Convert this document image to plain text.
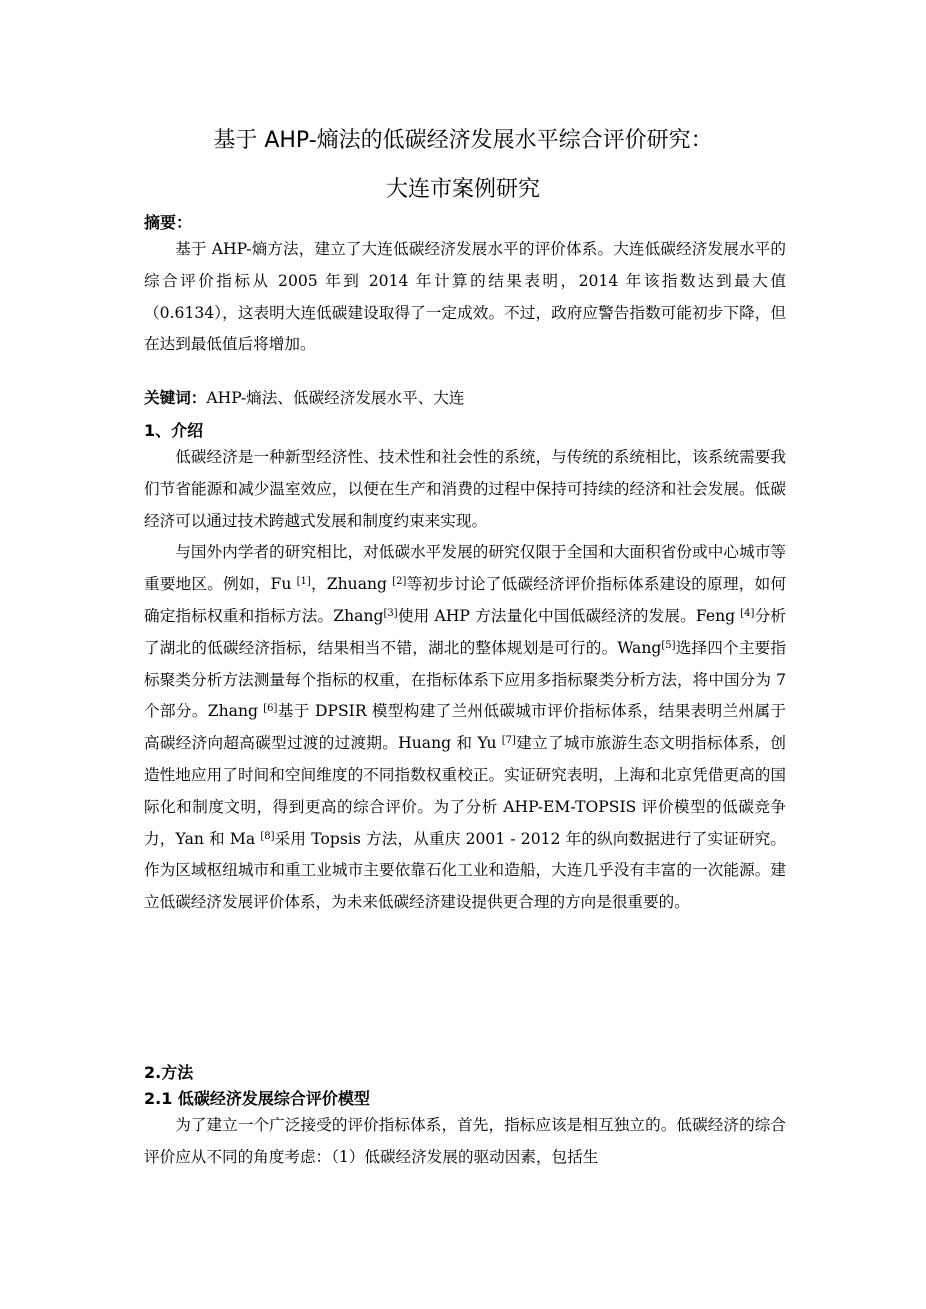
基于 AHP-熵法的低碳经济发展水平综合评价研究：
大连市案例研究
摘要：

基于 AHP-熵方法，建立了大连低碳经济发展水平的评价体系。大连低碳经济发展水平的综合评价指标从 2005 年到 2014 年计算的结果表明，2014 年该指数达到最大值（0.6134），这表明大连低碳建设取得了一定成效。不过，政府应警告指数可能初步下降，但在达到最低值后将增加。

关键词：AHP-熵法、低碳经济发展水平、大连
1、介绍

低碳经济是一种新型经济性、技术性和社会性的系统，与传统的系统相比，该系统需要我们节省能源和减少温室效应，以便在生产和消费的过程中保持可持续的经济和社会发展。低碳经济可以通过技术跨越式发展和制度约束来实现。

与国外内学者的研究相比，对低碳水平发展的研究仅限于全国和大面积省份或中心城市等重要地区。例如，Fu [1]，Zhuang [2]等初步讨论了低碳经济评价指标体系建设的原理，如何确定指标权重和指标方法。Zhang[3]使用 AHP 方法量化中国低碳经济的发展。Feng [4]分析了湖北的低碳经济指标，结果相当不错，湖北的整体规划是可行的。Wang[5]选择四个主要指标聚类分析方法测量每个指标的权重，在指标体系下应用多指标聚类分析方法，将中国分为 7 个部分。Zhang [6]基于 DPSIR 模型构建了兰州低碳城市评价指标体系，结果表明兰州属于高碳经济向超高碳型过渡的过渡期。Huang 和 Yu [7]建立了城市旅游生态文明指标体系，创造性地应用了时间和空间维度的不同指数权重校正。实证研究表明，上海和北京凭借更高的国际化和制度文明，得到更高的综合评价。为了分析 AHP-EM-TOPSIS 评价模型的低碳竞争力，Yan 和 Ma [8]采用 Topsis 方法，从重庆 2001 - 2012 年的纵向数据进行了实证研究。作为区域枢纽城市和重工业城市主要依靠石化工业和造船，大连几乎没有丰富的一次能源。建立低碳经济发展评价体系，为未来低碳经济建设提供更合理的方向是很重要的。

2.方法
2.1 低碳经济发展综合评价模型

为了建立一个广泛接受的评价指标体系，首先，指标应该是相互独立的。低碳经济的综合评价应从不同的角度考虑：（1）低碳经济发展的驱动因素，包括生
